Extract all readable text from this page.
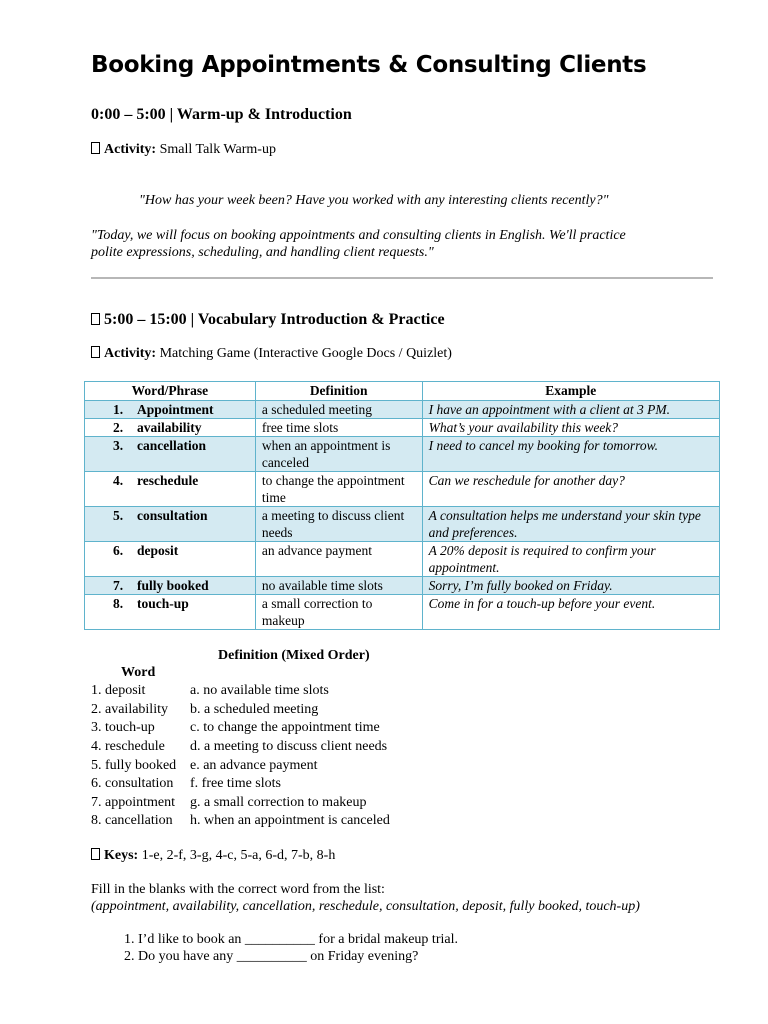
Booking Appointments & Consulting Clients
0:00 – 5:00 | Warm-up & Introduction
Activity: Small Talk Warm-up
"How has your week been? Have you worked with any interesting clients recently?"
"Today, we will focus on booking appointments and consulting clients in English. We'll practice
polite expressions, scheduling, and handling client requests."
5:00 – 15:00 | Vocabulary Introduction & Practice
Activity: Matching Game (Interactive Google Docs / Quizlet)
Word/Phrase	Definition	Example
1. Appointment	a scheduled meeting	I have an appointment with a client at 3 PM.
2. availability	free time slots	What’s your availability this week?
3. cancellation	when an appointment is canceled	I need to cancel my booking for tomorrow.
4. reschedule	to change the appointment time	Can we reschedule for another day?
5. consultation	a meeting to discuss client needs	A consultation helps me understand your skin type and preferences.
6. deposit	an advance payment	A 20% deposit is required to confirm your appointment.
7. fully booked	no available time slots	Sorry, I’m fully booked on Friday.
8. touch-up	a small correction to makeup	Come in for a touch-up before your event.
Definition (Mixed Order)
Word
1. deposit	a. no available time slots
2. availability b. a scheduled meeting
3. touch-up	c. to change the appointment time
4. reschedule d. a meeting to discuss client needs
5. fully booked e. an advance payment
6. consultation f. free time slots
7. appointment g. a small correction to makeup
8. cancellation h. when an appointment is canceled
Keys: 1-e, 2-f, 3-g, 4-c, 5-a, 6-d, 7-b, 8-h
Fill in the blanks with the correct word from the list:
(appointment, availability, cancellation, reschedule, consultation, deposit, fully booked, touch-up)
1. I’d like to book an __________ for a bridal makeup trial.
2. Do you have any __________ on Friday evening?
